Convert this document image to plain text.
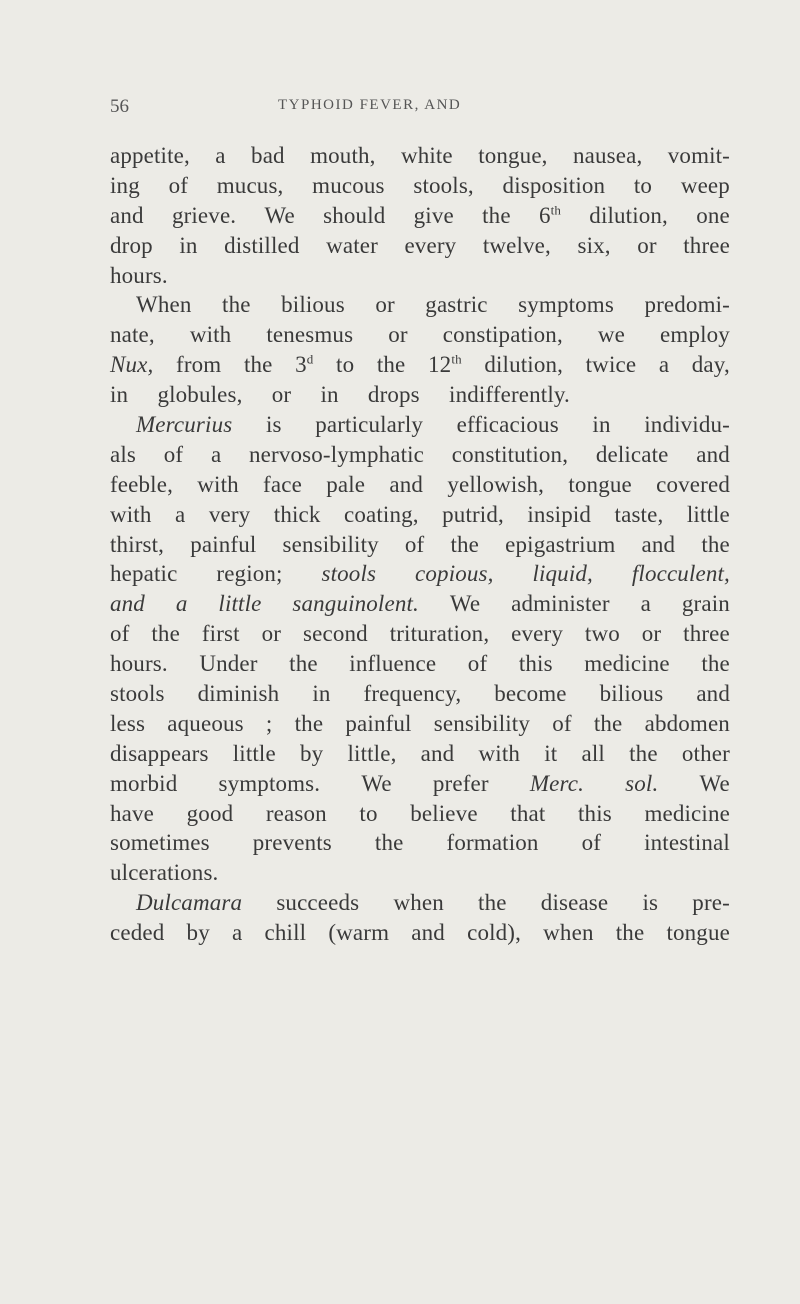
56	TYPHOID FEVER, AND
appetite, a bad mouth, white tongue, nausea, vomit-
ing of mucus, mucous stools, disposition to weep
and grieve. We should give the 6th dilution, one
drop in distilled water every twelve, six, or three
hours.
When the bilious or gastric symptoms predomi-
nate, with tenesmus or constipation, we employ
Nux, from the 3$^d$ to the 12th dilution, twice a day,
in globules, or in drops indifferently.
Mercurius is particularly efficacious in individu-
als of a nervoso-lymphatic constitution, delicate and
feeble, with face pale and yellowish, tongue covered
with a very thick coating, putrid, insipid taste, little
thirst, painful sensibility of the epigastrium and the
hepatic region; stools copious, liquid, flocculent,
and a little sanguinolent. We administer a grain
of the first or second trituration, every two or three
hours. Under the influence of this medicine the
stools diminish in frequency, become bilious and
less aqueous ; the painful sensibility of the abdomen
disappears little by little, and with it all the other
morbid symptoms. We prefer Merc. sol. We
have good reason to believe that this medicine
sometimes prevents the formation of intestinal
ulcerations.
Dulcamara succeeds when the disease is pre-
ceded by a chill (warm and cold), when the tongue
